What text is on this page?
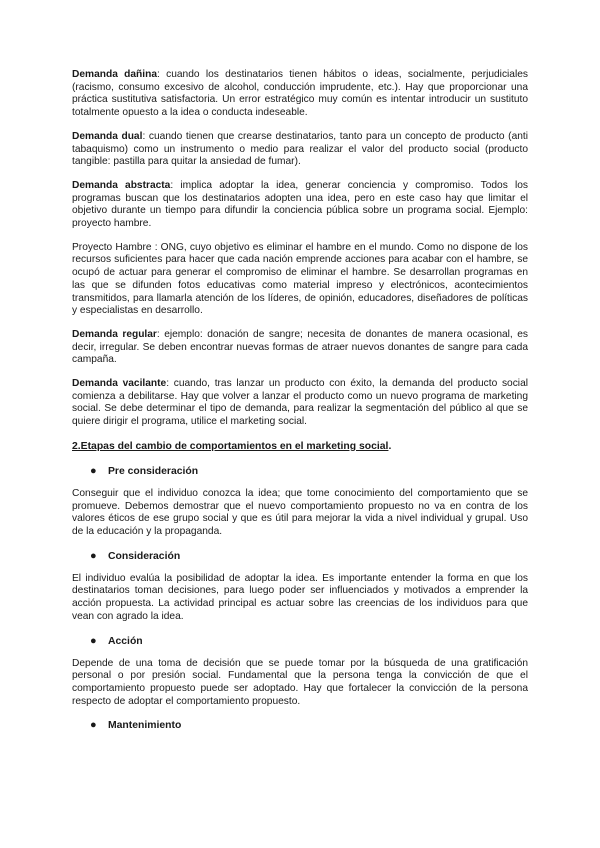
Demanda dañina: cuando los destinatarios tienen hábitos o ideas, socialmente, perjudiciales (racismo, consumo excesivo de alcohol, conducción imprudente, etc.). Hay que proporcionar una práctica sustitutiva satisfactoria. Un error estratégico muy común es intentar introducir un sustituto totalmente opuesto a la idea o conducta indeseable.

Demanda dual: cuando tienen que crearse destinatarios, tanto para un concepto de producto (anti tabaquismo) como un instrumento o medio para realizar el valor del producto social (producto tangible: pastilla para quitar la ansiedad de fumar).

Demanda abstracta: implica adoptar la idea, generar conciencia y compromiso. Todos los programas buscan que los destinatarios adopten una idea, pero en este caso hay que limitar el objetivo durante un tiempo para difundir la conciencia pública sobre un programa social. Ejemplo: proyecto hambre.

Proyecto Hambre : ONG, cuyo objetivo es eliminar el hambre en el mundo. Como no dispone de los recursos suficientes para hacer que cada nación emprende acciones para acabar con el hambre, se ocupó de actuar para generar el compromiso de eliminar el hambre. Se desarrollan programas en las que se difunden fotos educativas como material impreso y electrónicos, acontecimientos transmitidos, para llamarla atención de los líderes, de opinión, educadores, diseñadores de políticas y especialistas en desarrollo.

Demanda regular: ejemplo: donación de sangre; necesita de donantes de manera ocasional, es decir, irregular. Se deben encontrar nuevas formas de atraer nuevos donantes de sangre para cada campaña.

Demanda vacilante: cuando, tras lanzar un producto con éxito, la demanda del producto social comienza a debilitarse. Hay que volver a lanzar el producto como un nuevo programa de marketing social. Se debe determinar el tipo de demanda, para realizar la segmentación del público al que se quiere dirigir el programa, utilice el marketing social.

2.Etapas del cambio de comportamientos en el marketing social.
●	Pre consideración

Conseguir que el individuo conozca la idea; que tome conocimiento del comportamiento que se promueve. Debemos demostrar que el nuevo comportamiento propuesto no va en contra de los valores éticos de ese grupo social y que es útil para mejorar la vida a nivel individual y grupal. Uso de la educación y la propaganda.

●	Consideración

El individuo evalúa la posibilidad de adoptar la idea. Es importante entender la forma en que los destinatarios toman decisiones, para luego poder ser influenciados y motivados a emprender la acción propuesta. La actividad principal es actuar sobre las creencias de los individuos para que vean con agrado la idea.

●	Acción

Depende de una toma de decisión que se puede tomar por la búsqueda de una gratificación personal o por presión social. Fundamental que la persona tenga la convicción de que el comportamiento propuesto puede ser adoptado. Hay que fortalecer la convicción de la persona respecto de adoptar el comportamiento propuesto.

●	Mantenimiento
